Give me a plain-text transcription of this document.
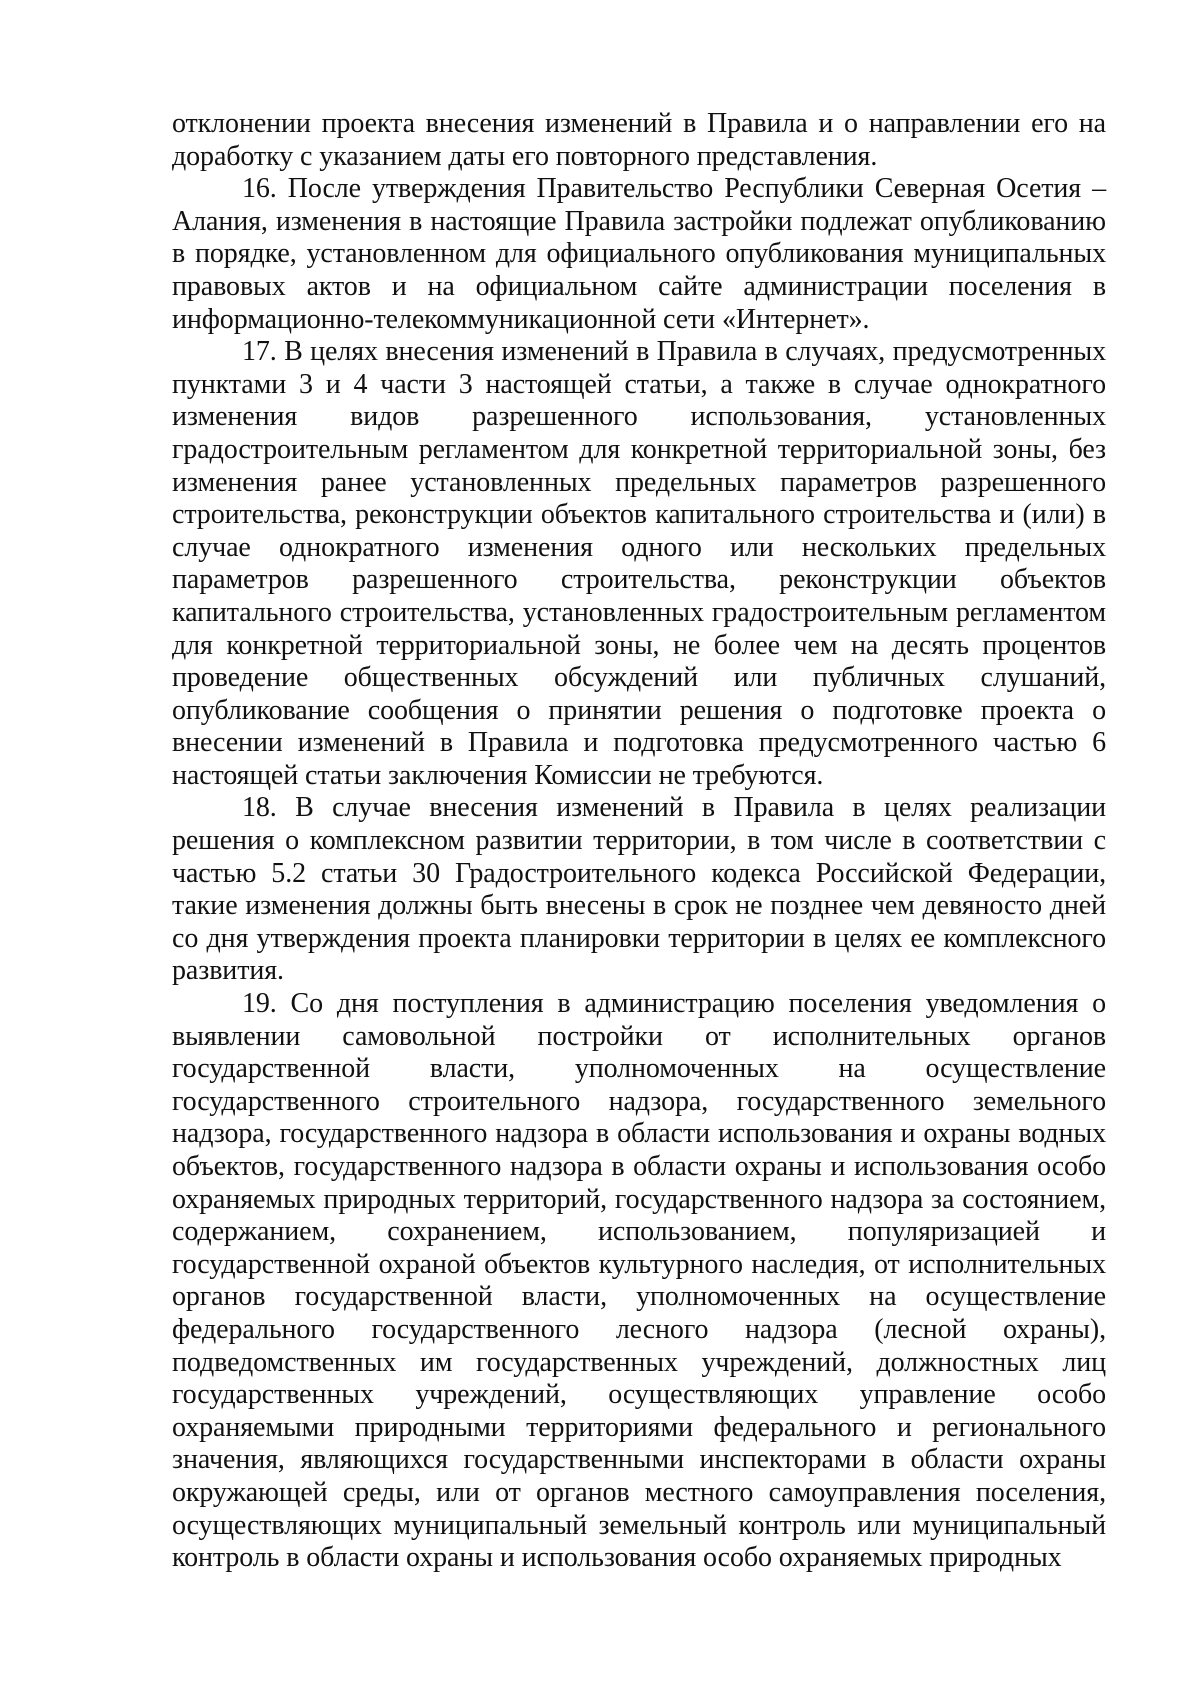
отклонении проекта внесения изменений в Правила и о направлении его на доработку с указанием даты его повторного представления.

16. После утверждения Правительство Республики Северная Осетия – Алания, изменения в настоящие Правила застройки подлежат опубликованию в порядке, установленном для официального опубликования муниципальных правовых актов и на официальном сайте администрации поселения в информационно-телекоммуникационной сети «Интернет».

17. В целях внесения изменений в Правила в случаях, предусмотренных пунктами 3 и 4 части 3 настоящей статьи, а также в случае однократного изменения видов разрешенного использования, установленных градостроительным регламентом для конкретной территориальной зоны, без изменения ранее установленных предельных параметров разрешенного строительства, реконструкции объектов капитального строительства и (или) в случае однократного изменения одного или нескольких предельных параметров разрешенного строительства, реконструкции объектов капитального строительства, установленных градостроительным регламентом для конкретной территориальной зоны, не более чем на десять процентов проведение общественных обсуждений или публичных слушаний, опубликование сообщения о принятии решения о подготовке проекта о внесении изменений в Правила и подготовка предусмотренного частью 6 настоящей статьи заключения Комиссии не требуются.

18. В случае внесения изменений в Правила в целях реализации решения о комплексном развитии территории, в том числе в соответствии с частью 5.2 статьи 30 Градостроительного кодекса Российской Федерации, такие изменения должны быть внесены в срок не позднее чем девяносто дней со дня утверждения проекта планировки территории в целях ее комплексного развития.

19. Со дня поступления в администрацию поселения уведомления о выявлении самовольной постройки от исполнительных органов государственной власти, уполномоченных на осуществление государственного строительного надзора, государственного земельного надзора, государственного надзора в области использования и охраны водных объектов, государственного надзора в области охраны и использования особо охраняемых природных территорий, государственного надзора за состоянием, содержанием, сохранением, использованием, популяризацией и государственной охраной объектов культурного наследия, от исполнительных органов государственной власти, уполномоченных на осуществление федерального государственного лесного надзора (лесной охраны), подведомственных им государственных учреждений, должностных лиц государственных учреждений, осуществляющих управление особо охраняемыми природными территориями федерального и регионального значения, являющихся государственными инспекторами в области охраны окружающей среды, или от органов местного самоуправления поселения, осуществляющих муниципальный земельный контроль или муниципальный контроль в области охраны и использования особо охраняемых природных
